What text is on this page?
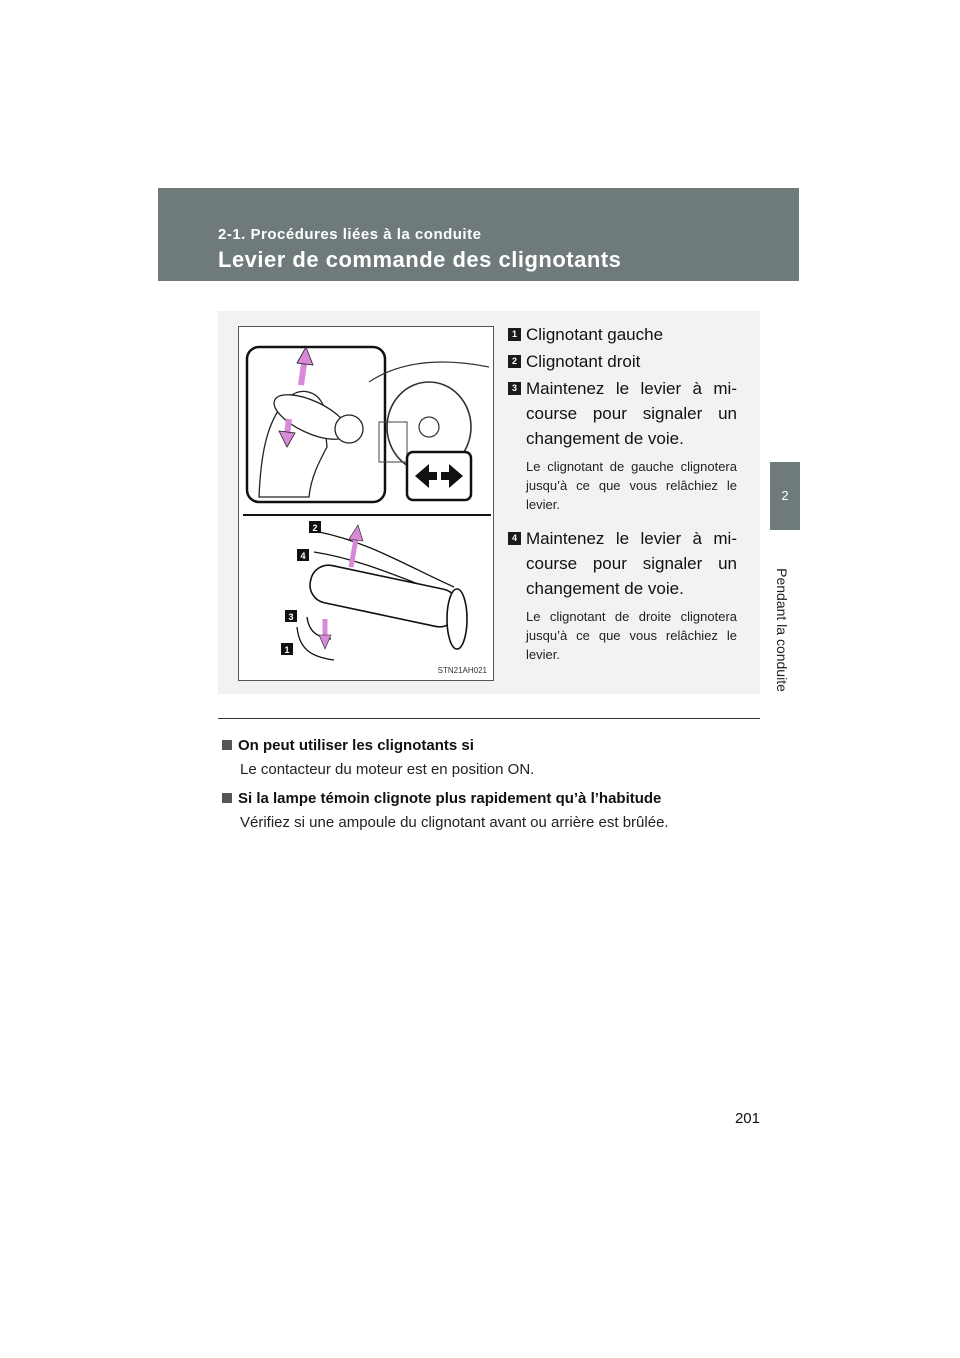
2-1. Procédures liées à la conduite
Levier de commande des clignotants
2
Pendant la conduite
2
4
3
1
STN21AH021
1 Clignotant gauche
2 Clignotant droit
3 Maintenez le levier à mi-course pour signaler un changement de voie.
Le clignotant de gauche clignotera jusqu’à ce que vous relâchiez le levier.
4 Maintenez le levier à mi-course pour signaler un changement de voie.
Le clignotant de droite clignotera jusqu’à ce que vous relâchiez le levier.
On peut utiliser les clignotants si
Le contacteur du moteur est en position ON.
Si la lampe témoin clignote plus rapidement qu’à l’habitude
Vérifiez si une ampoule du clignotant avant ou arrière est brûlée.
201
